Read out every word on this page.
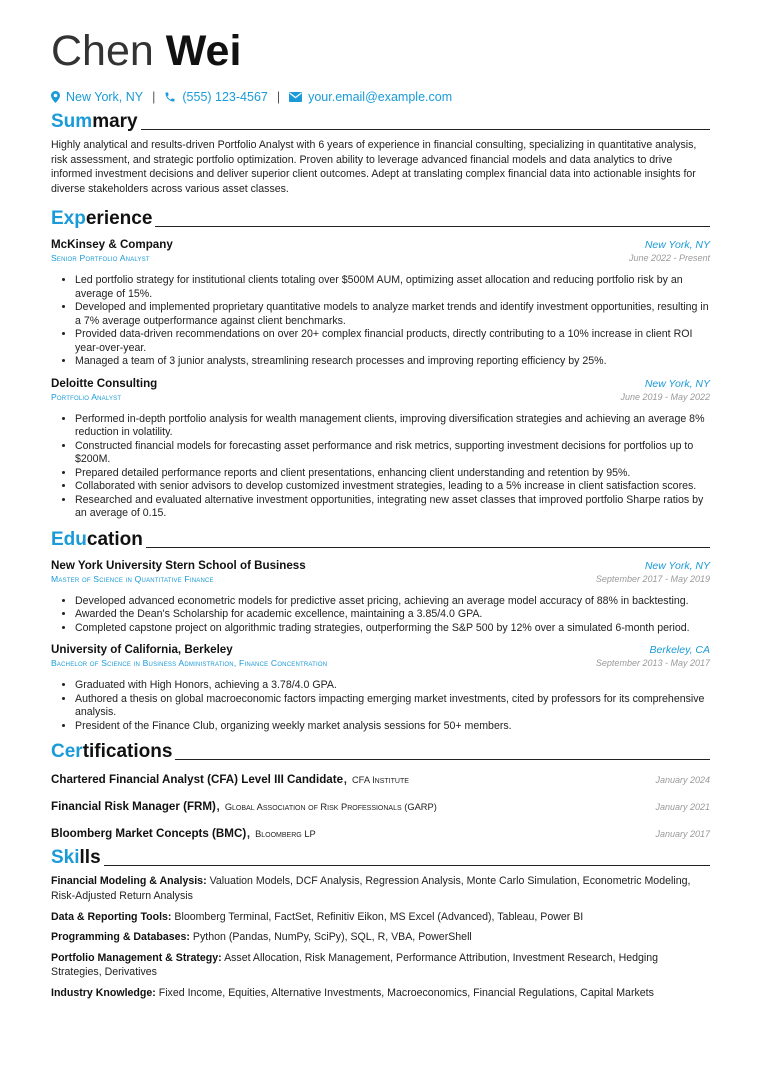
Chen Wei
New York, NY | (555) 123-4567 | your.email@example.com
Summary
Highly analytical and results-driven Portfolio Analyst with 6 years of experience in financial consulting, specializing in quantitative analysis, risk assessment, and strategic portfolio optimization. Proven ability to leverage advanced financial models and data analytics to drive informed investment decisions and deliver superior client outcomes. Adept at translating complex financial data into actionable insights for diverse stakeholders across various asset classes.
Experience
McKinsey & Company	New York, NY
Senior Portfolio Analyst	June 2022 - Present
• Led portfolio strategy for institutional clients totaling over $500M AUM, optimizing asset allocation and reducing portfolio risk by an average of 15%.
• Developed and implemented proprietary quantitative models to analyze market trends and identify investment opportunities, resulting in a 7% average outperformance against client benchmarks.
• Provided data-driven recommendations on over 20+ complex financial products, directly contributing to a 10% increase in client ROI year-over-year.
• Managed a team of 3 junior analysts, streamlining research processes and improving reporting efficiency by 25%.
Deloitte Consulting	New York, NY
Portfolio Analyst	June 2019 - May 2022
• Performed in-depth portfolio analysis for wealth management clients, improving diversification strategies and achieving an average 8% reduction in volatility.
• Constructed financial models for forecasting asset performance and risk metrics, supporting investment decisions for portfolios up to $200M.
• Prepared detailed performance reports and client presentations, enhancing client understanding and retention by 95%.
• Collaborated with senior advisors to develop customized investment strategies, leading to a 5% increase in client satisfaction scores.
• Researched and evaluated alternative investment opportunities, integrating new asset classes that improved portfolio Sharpe ratios by an average of 0.15.
Education
New York University Stern School of Business	New York, NY
Master of Science in Quantitative Finance	September 2017 - May 2019
• Developed advanced econometric models for predictive asset pricing, achieving an average model accuracy of 88% in backtesting.
• Awarded the Dean's Scholarship for academic excellence, maintaining a 3.85/4.0 GPA.
• Completed capstone project on algorithmic trading strategies, outperforming the S&P 500 by 12% over a simulated 6-month period.
University of California, Berkeley	Berkeley, CA
Bachelor of Science in Business Administration, Finance Concentration	September 2013 - May 2017
• Graduated with High Honors, achieving a 3.78/4.0 GPA.
• Authored a thesis on global macroeconomic factors impacting emerging market investments, cited by professors for its comprehensive analysis.
• President of the Finance Club, organizing weekly market analysis sessions for 50+ members.
Certifications
Chartered Financial Analyst (CFA) Level III Candidate, CFA Institute	January 2024
Financial Risk Manager (FRM), Global Association of Risk Professionals (GARP)	January 2021
Bloomberg Market Concepts (BMC), Bloomberg LP	January 2017
Skills
Financial Modeling & Analysis: Valuation Models, DCF Analysis, Regression Analysis, Monte Carlo Simulation, Econometric Modeling, Risk-Adjusted Return Analysis
Data & Reporting Tools: Bloomberg Terminal, FactSet, Refinitiv Eikon, MS Excel (Advanced), Tableau, Power BI
Programming & Databases: Python (Pandas, NumPy, SciPy), SQL, R, VBA, PowerShell
Portfolio Management & Strategy: Asset Allocation, Risk Management, Performance Attribution, Investment Research, Hedging Strategies, Derivatives
Industry Knowledge: Fixed Income, Equities, Alternative Investments, Macroeconomics, Financial Regulations, Capital Markets
